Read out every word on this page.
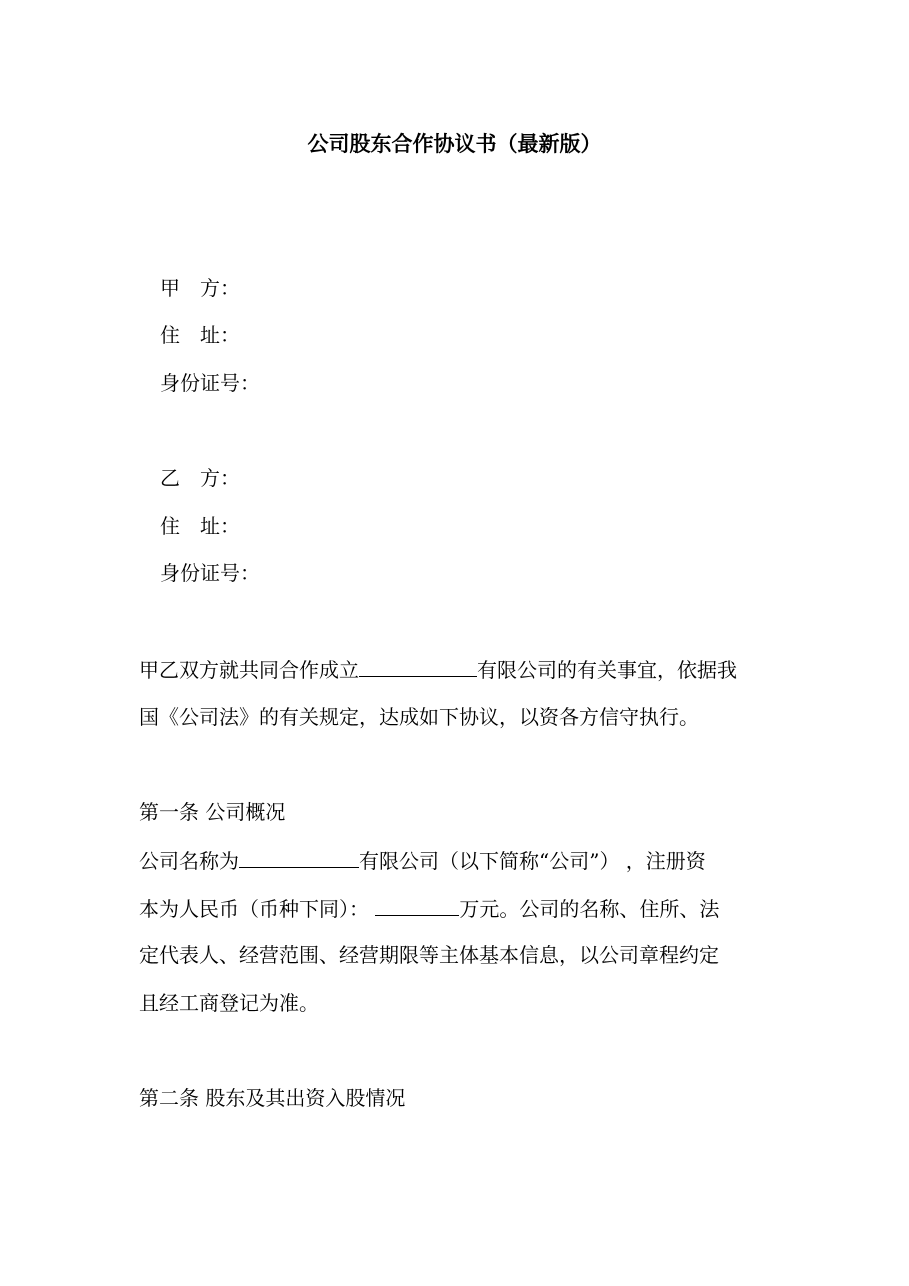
公司股东合作协议书（最新版）
甲　方：
住　址：
身份证号：
乙　方：
住　址：
身份证号：
甲乙双方就共同合作成立	有限公司的有关事宜，依据我
国《公司法》的有关规定，达成如下协议，以资各方信守执行。
第一条 公司概况
公司名称为	有限公司（以下简称“公司”） ，注册资
本为人民币（币种下同）：	万元。公司的名称、住所、法
定代表人、经营范围、经营期限等主体基本信息，以公司章程约定
且经工商登记为准。
第二条 股东及其出资入股情况
